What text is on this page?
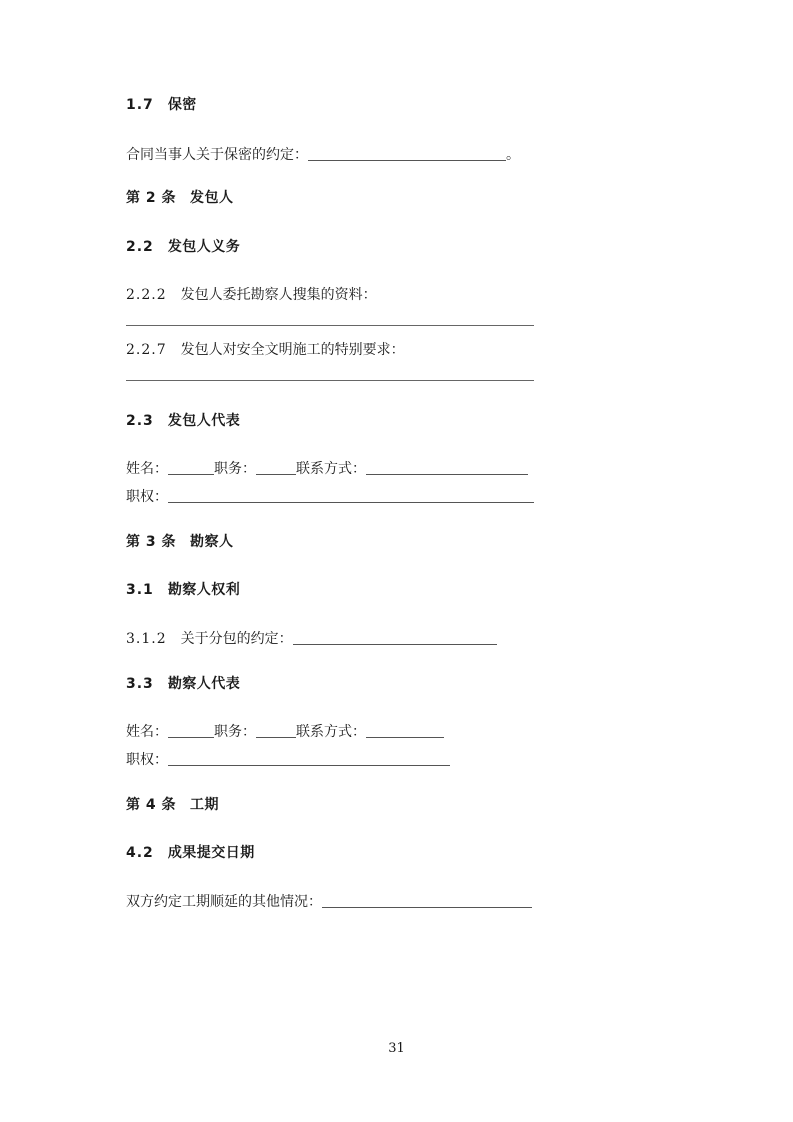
1.7 保密
合同当事人关于保密的约定：	。
第 2 条 发包人
2.2 发包人义务
2.2.2 发包人委托勘察人搜集的资料：
2.2.7 发包人对安全文明施工的特别要求：
2.3 发包人代表
姓名：	职务：	联系方式：
职权：
第 3 条 勘察人
3.1 勘察人权利
3.1.2 关于分包的约定：
3.3 勘察人代表
姓名：	职务：	联系方式：
职权：
第 4 条 工期
4.2 成果提交日期
双方约定工期顺延的其他情况：
31
